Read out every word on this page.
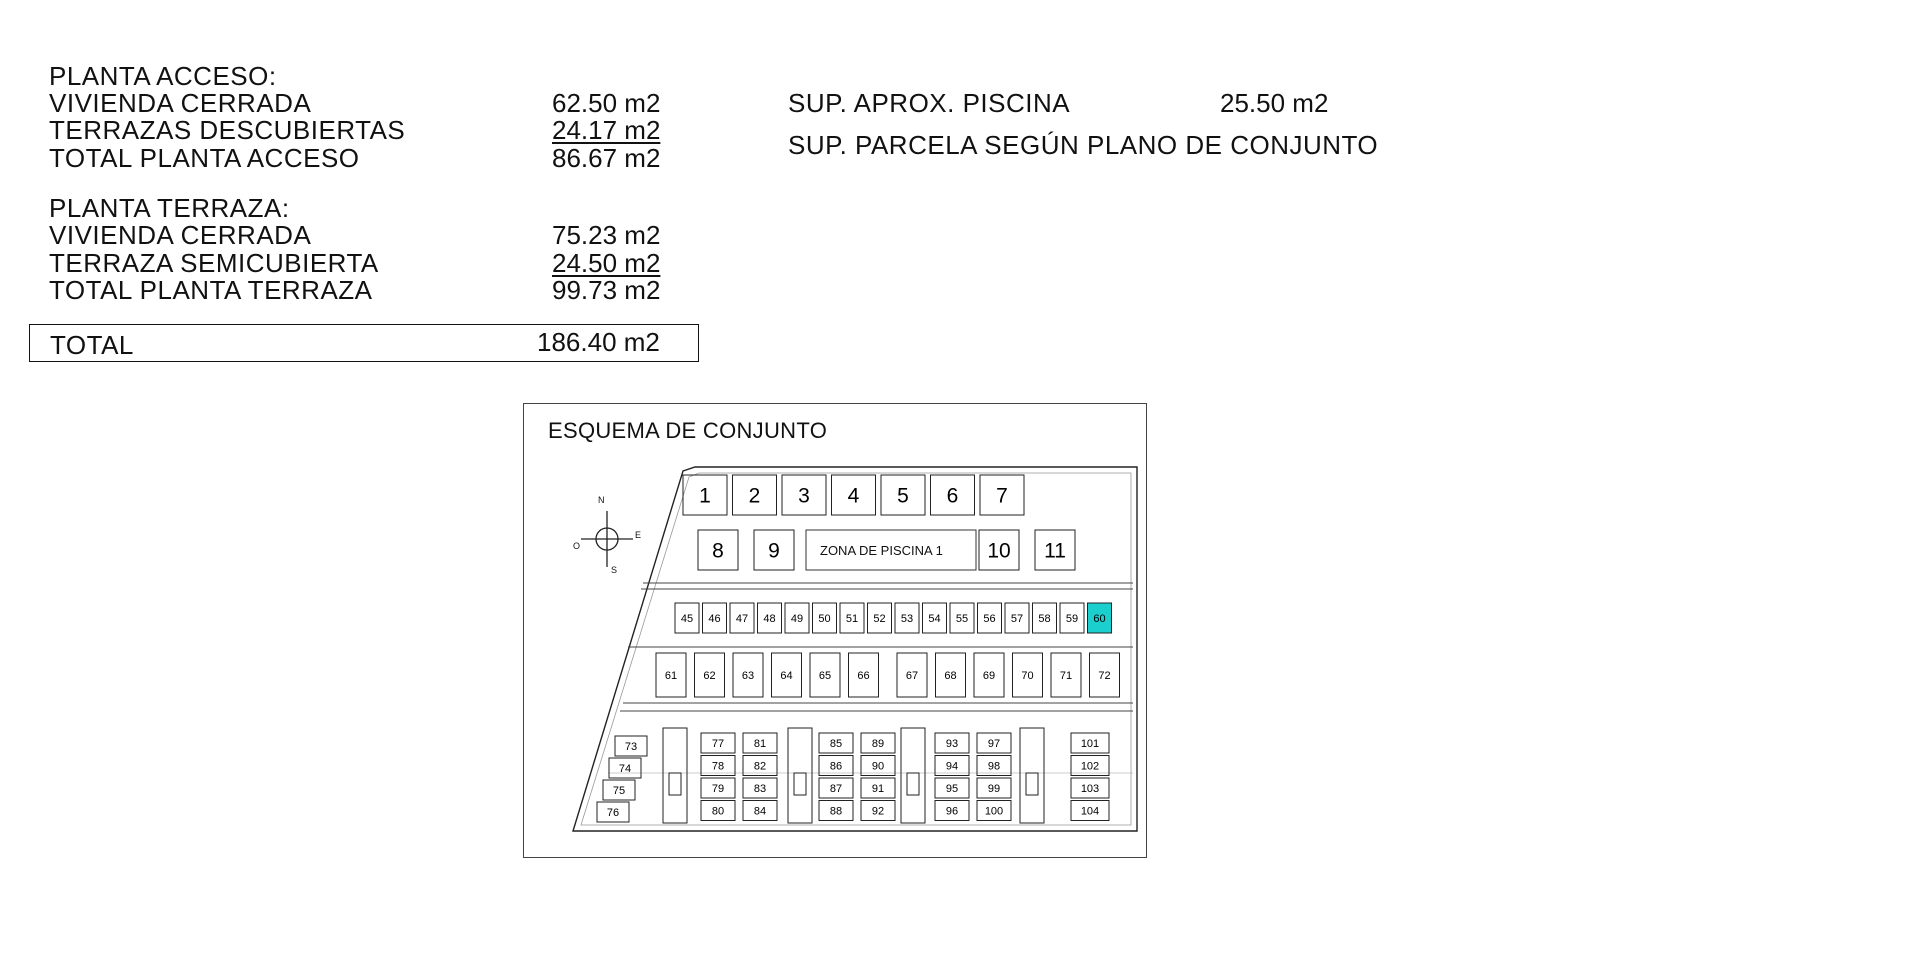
PLANTA ACCESO:
VIVIENDA CERRADA	62.50 m2
TERRAZAS DESCUBIERTAS	24.17 m2
TOTAL PLANTA ACCESO	86.67 m2
PLANTA TERRAZA:
VIVIENDA CERRADA	75.23 m2
TERRAZA SEMICUBIERTA	24.50 m2
TOTAL PLANTA TERRAZA	99.73 m2
TOTAL	186.40 m2
SUP. APROX. PISCINA	25.50 m2
SUP. PARCELA SEGÚN PLANO DE CONJUNTO
ESQUEMA DE CONJUNTO
1 2 3 4 5 6 7
8 9	10 11
45 46 47 48 49 50 51 52 53 54 55 56 57 58 59 60
61 62 63 64 65 66	67 68 69 70 71 72
73
74
75
76
77
78
79
80
81
82
83
84
85
86
87
88
89
90
91
92
93
94
95
96
97
98
99
100
101
102
103
104
N
S
E
O	ZONA DE PISCINA 1
